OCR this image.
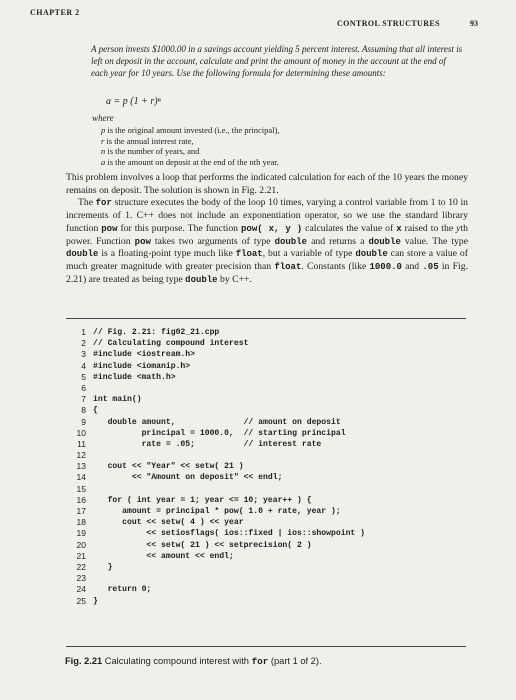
CHAPTER 2
CONTROL STRUCTURES	93
A person invests $1000.00 in a savings account yielding 5 percent interest. Assuming that all interest is left on deposit in the account, calculate and print the amount of money in the account at the end of each year for 10 years. Use the following formula for determining these amounts:
a = p (1 + r)ⁿ
where
p is the original amount invested (i.e., the principal),
r is the annual interest rate,
n is the number of years, and
a is the amount on deposit at the end of the nth year.

This problem involves a loop that performs the indicated calculation for each of the 10 years the money remains on deposit. The solution is shown in Fig. 2.21.

The for structure executes the body of the loop 10 times, varying a control variable from 1 to 10 in increments of 1. C++ does not include an exponentiation operator, so we use the standard library function pow for this purpose. The function pow( x, y ) calculates the value of x raised to the yth power. Function pow takes two arguments of type double and returns a double value. The type double is a floating-point type much like float, but a variable of type double can store a value of much greater magnitude with greater precision than float. Constants (like 1000.0 and .05 in Fig. 2.21) are treated as being type double by C++.

1 // Fig. 2.21: fig02_21.cpp
2 // Calculating compound interest
3 #include <iostream.h>
4 #include <iomanip.h>
5 #include <math.h>
6
7 int main()
8 {
9 double amount,              // amount on deposit
10 principal = 1000.0,  // starting principal
11 rate = .05;          // interest rate
12
13 cout << "Year" << setw( 21 )
14 << "Amount on deposit" << endl;
15
16 for ( int year = 1; year <= 10; year++ ) {
17 amount = principal * pow( 1.0 + rate, year );
18 cout << setw( 4 ) << year
19 << setiosflags( ios::fixed | ios::showpoint )
20 << setw( 21 ) << setprecision( 2 )
21 << amount << endl;
22 }
23
24 return 0;
25 }
Fig. 2.21 Calculating compound interest with for (part 1 of 2).
